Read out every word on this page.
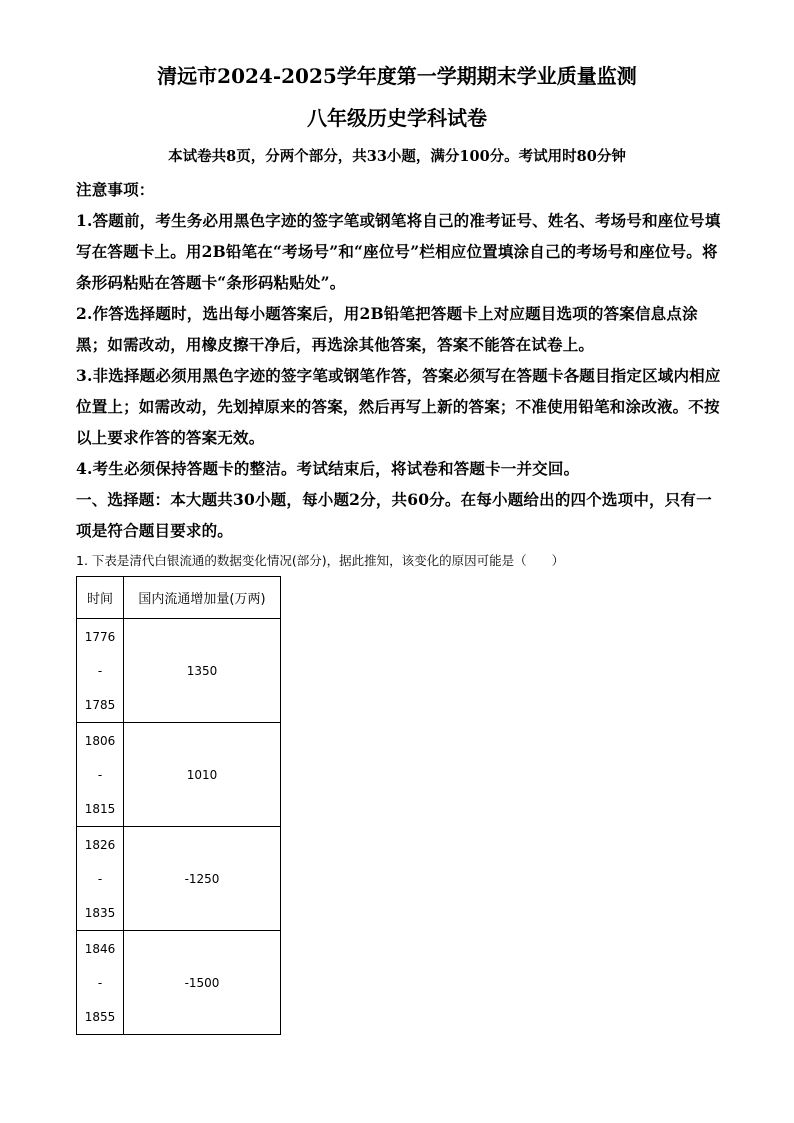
清远市2024-2025学年度第一学期期末学业质量监测
八年级历史学科试卷
本试卷共8页，分两个部分，共33小题，满分100分。考试用时80分钟

注意事项：

1.答题前，考生务必用黑色字迹的签字笔或钢笔将自己的准考证号、姓名、考场号和座位号填写在答题卡上。用2B铅笔在“考场号”和“座位号”栏相应位置填涂自己的考场号和座位号。将条形码粘贴在答题卡“条形码粘贴处”。

2.作答选择题时，选出每小题答案后，用2B铅笔把答题卡上对应题目选项的答案信息点涂黑；如需改动，用橡皮擦干净后，再选涂其他答案，答案不能答在试卷上。

3.非选择题必须用黑色字迹的签字笔或钢笔作答，答案必须写在答题卡各题目指定区域内相应位置上；如需改动，先划掉原来的答案，然后再写上新的答案；不准使用铅笔和涂改液。不按以上要求作答的答案无效。

4.考生必须保持答题卡的整洁。考试结束后，将试卷和答题卡一并交回。

一、选择题：本大题共30小题，每小题2分，共60分。在每小题给出的四个选项中，只有一项是符合题目要求的。

1. 下表是清代白银流通的数据变化情况(部分)，据此推知，该变化的原因可能是（　　）
时间	国内流通增加量(万两)

1776
-
1785	1350

1806
-
1815	1010

1826
-
1835	-1250

1846
-
1855	-1500
